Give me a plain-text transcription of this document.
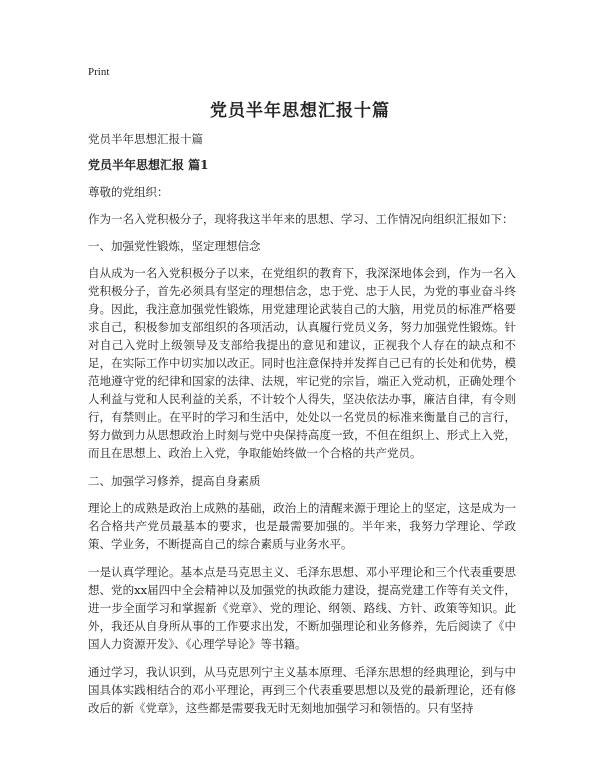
Print
党员半年思想汇报十篇

党员半年思想汇报十篇

党员半年思想汇报 篇1

尊敬的党组织：

作为一名入党积极分子，现将我这半年来的思想、学习、工作情况向组织汇报如下：

一、加强党性锻炼，坚定理想信念

自从成为一名入党积极分子以来，在党组织的教育下，我深深地体会到，作为一名入党积极分子，首先必须具有坚定的理想信念，忠于党、忠于人民，为党的事业奋斗终身。因此，我注意加强党性锻炼，用党建理论武装自己的大脑，用党员的标准严格要求自己，积极参加支部组织的各项活动，认真履行党员义务，努力加强党性锻炼。针对自己入党时上级领导及支部给我提出的意见和建议，正视我个人存在的缺点和不足，在实际工作中切实加以改正。同时也注意保持并发挥自己已有的长处和优势，模范地遵守党的纪律和国家的法律、法规，牢记党的宗旨，端正入党动机，正确处理个人利益与党和人民利益的关系，不计较个人得失，坚决依法办事，廉洁自律，有令则行，有禁则止。在平时的学习和生活中，处处以一名党员的标准来衡量自己的言行，努力做到力从思想政治上时刻与党中央保持高度一致，不但在组织上、形式上入党，而且在思想上、政治上入党，争取能始终做一个合格的共产党员。

二、加强学习修养，提高自身素质

理论上的成熟是政治上成熟的基础，政治上的清醒来源于理论上的坚定，这是成为一名合格共产党员最基本的要求，也是最需要加强的。半年来，我努力学理论、学政策、学业务，不断提高自己的综合素质与业务水平。

一是认真学理论。基本点是马克思主义、毛泽东思想、邓小平理论和三个代表重要思想、党的xx届四中全会精神以及加强党的执政能力建设，提高党建工作等有关文件，进一步全面学习和掌握新《党章》、党的理论、纲领、路线、方针、政策等知识。此外，我还从自身所从事的工作要求出发，不断加强理论和业务修养，先后阅读了《中国人力资源开发》、《心理学导论》等书籍。

通过学习，我认识到，从马克思列宁主义基本原理、毛泽东思想的经典理论，到与中国具体实践相结合的邓小平理论，再到三个代表重要思想以及党的最新理论，还有修改后的新《党章》，这些都是需要我无时无刻地加强学习和领悟的。只有坚持
